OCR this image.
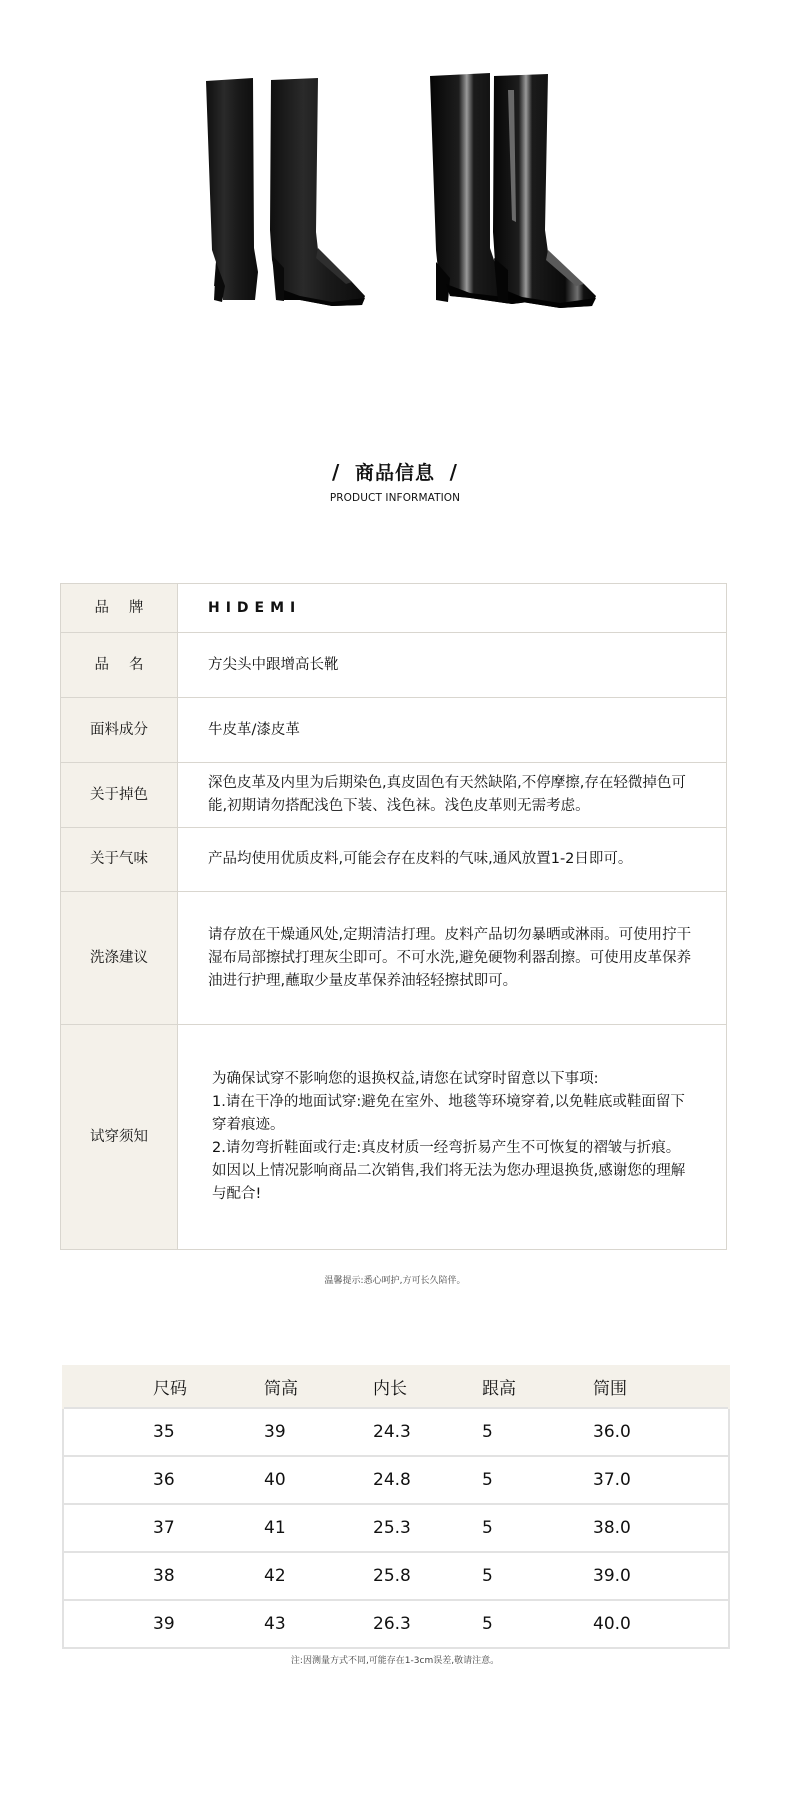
/ 商品信息 /
PRODUCT INFORMATION
品牌	HIDEMI
品名	方尖头中跟增高长靴
面料成分	牛皮革/漆皮革
关于掉色	深色皮革及内里为后期染色,真皮固色有天然缺陷,不停摩擦,存在轻微掉色可能,初期请勿搭配浅色下装、浅色袜。浅色皮革则无需考虑。
关于气味	产品均使用优质皮料,可能会存在皮料的气味,通风放置1-2日即可。
洗涤建议	请存放在干燥通风处,定期清洁打理。皮料产品切勿暴晒或淋雨。可使用拧干湿布局部擦拭打理灰尘即可。不可水洗,避免硬物利器刮擦。可使用皮革保养油进行护理,蘸取少量皮革保养油轻轻擦拭即可。
试穿须知	为确保试穿不影响您的退换权益,请您在试穿时留意以下事项:

1.请在干净的地面试穿:避免在室外、地毯等环境穿着,以免鞋底或鞋面留下穿着痕迹。

2.请勿弯折鞋面或行走:真皮材质一经弯折易产生不可恢复的褶皱与折痕。

如因以上情况影响商品二次销售,我们将无法为您办理退换货,感谢您的理解与配合!

温馨提示:悉心呵护,方可长久陪伴。
尺码	筒高	内长	跟高	筒围
35	39	24.3	5	36.0
36	40	24.8	5	37.0
37	41	25.3	5	38.0
38	42	25.8	5	39.0
39	43	26.3	5	40.0
注:因测量方式不同,可能存在1-3cm误差,敬请注意。
